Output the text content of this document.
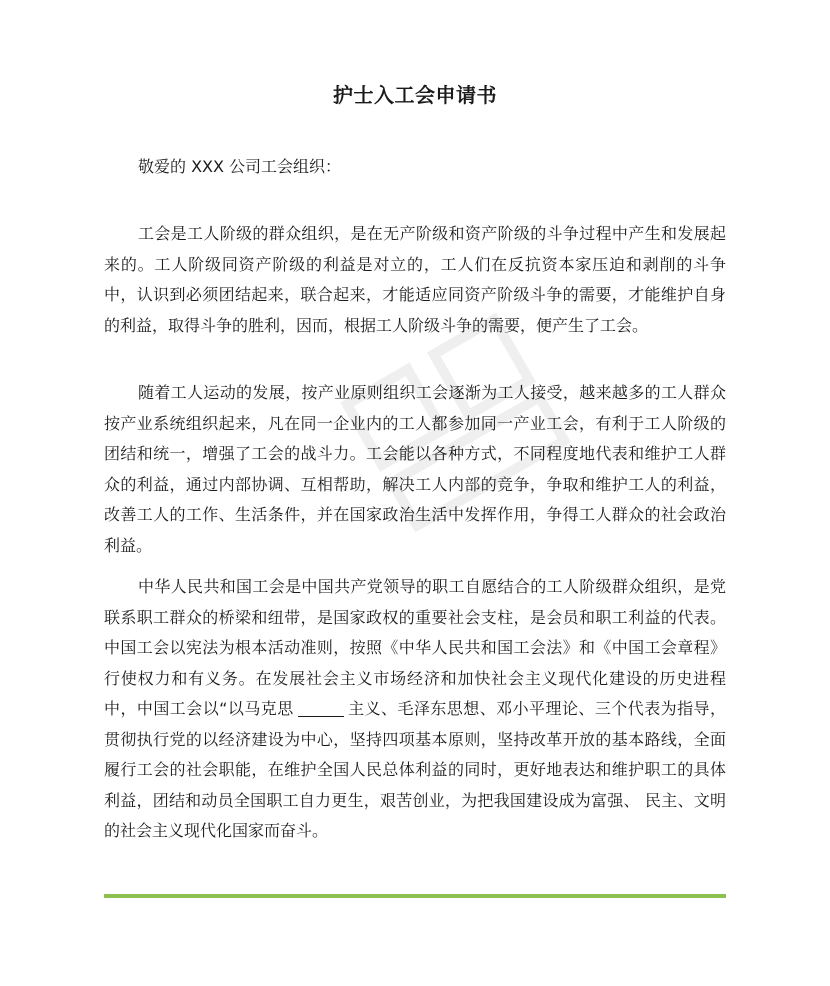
护士入工会申请书
敬爱的 XXX 公司工会组织：

工会是工人阶级的群众组织，是在无产阶级和资产阶级的斗争过程中产生和发展起来的。工人阶级同资产阶级的利益是对立的，工人们在反抗资本家压迫和剥削的斗争中，认识到必须团结起来，联合起来，才能适应同资产阶级斗争的需要，才能维护自身的利益，取得斗争的胜利，因而，根据工人阶级斗争的需要，便产生了工会。

随着工人运动的发展，按产业原则组织工会逐渐为工人接受，越来越多的工人群众按产业系统组织起来，凡在同一企业内的工人都参加同一产业工会，有利于工人阶级的团结和统一，增强了工会的战斗力。工会能以各种方式，不同程度地代表和维护工人群众的利益，通过内部协调、互相帮助，解决工人内部的竞争，争取和维护工人的利益，改善工人的工作、生活条件，并在国家政治生活中发挥作用，争得工人群众的社会政治利益。

中华人民共和国工会是中国共产党领导的职工自愿结合的工人阶级群众组织，是党联系职工群众的桥梁和纽带，是国家政权的重要社会支柱，是会员和职工利益的代表。中国工会以宪法为根本活动准则，按照《中华人民共和国工会法》和《中国工会章程》行使权力和有义务。在发展社会主义市场经济和加快社会主义现代化建设的历史进程中，中国工会以“以马克思	主义、毛泽东思想、邓小平理论、三个代表为指导，贯彻执行党的以经济建设为中心，坚持四项基本原则，坚持改革开放的基本路线，全面履行工会的社会职能，在维护全国人民总体利益的同时，更好地表达和维护职工的具体利益，团结和动员全国职工自力更生，艰苦创业，为把我国建设成为富强、 民主、文明的社会主义现代化国家而奋斗。
